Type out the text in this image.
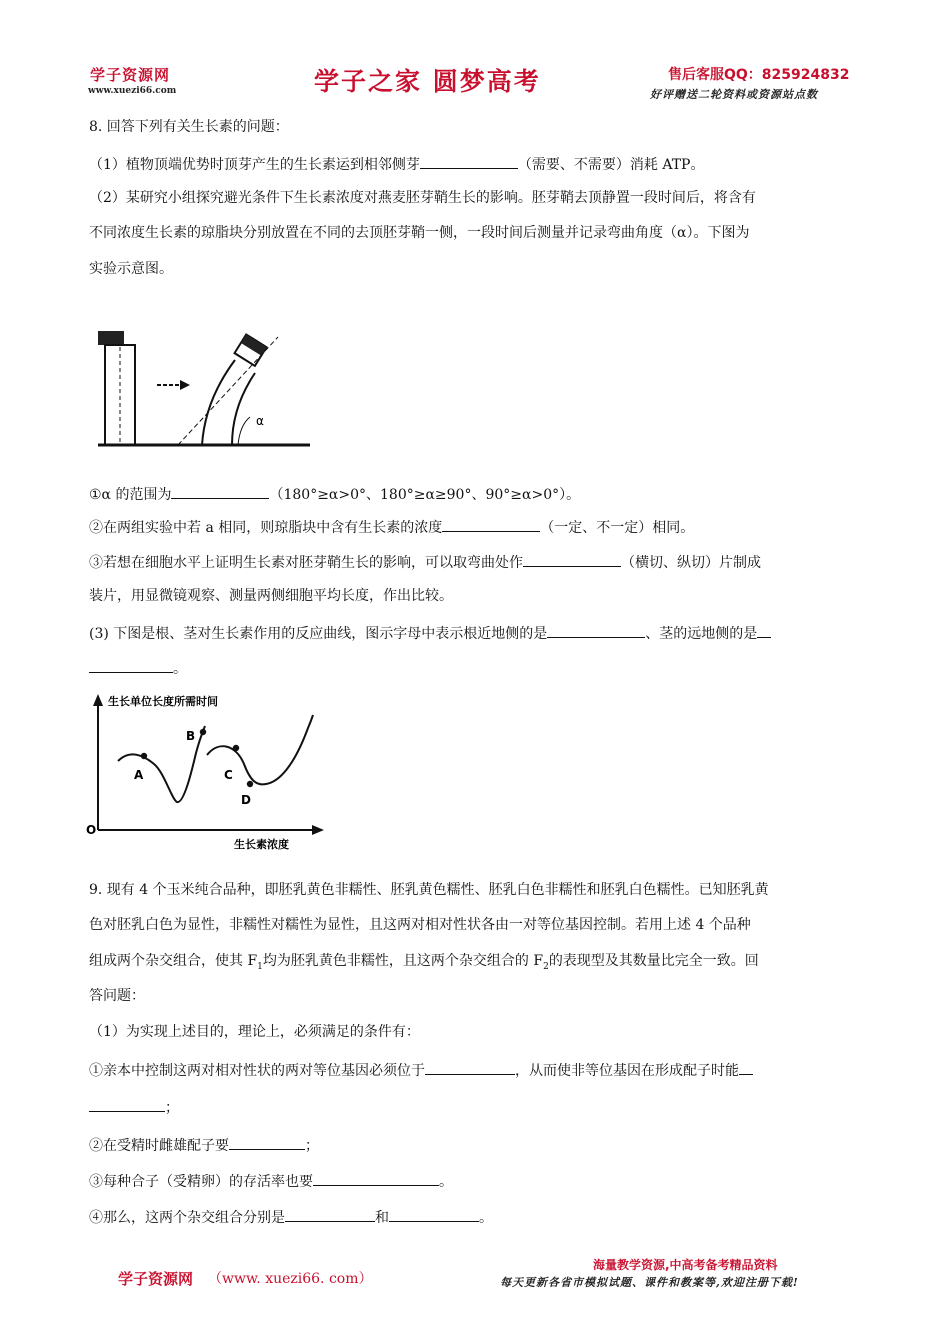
学子资源网
www.xuezi66.com	学子之家 圆梦高考	售后客服QQ：825924832
好评赠送二轮资料或资源站点数
8. 回答下列有关生长素的问题：
（1）植物顶端优势时顶芽产生的生长素运到相邻侧芽	（需要、不需要）消耗 ATP。
（2）某研究小组探究避光条件下生长素浓度对燕麦胚芽鞘生长的影响。胚芽鞘去顶静置一段时间后，将含有
不同浓度生长素的琼脂块分别放置在不同的去顶胚芽鞘一侧，一段时间后测量并记录弯曲角度（α）。下图为
实验示意图。
α
①α 的范围为	（180°≥α>0°、180°≥α≥90°、90°≥α>0°）。
②在两组实验中若 a 相同，则琼脂块中含有生长素的浓度	（一定、不一定）相同。
③若想在细胞水平上证明生长素对胚芽鞘生长的影响，可以取弯曲处作	（横切、纵切）片制成
装片，用显微镜观察、测量两侧细胞平均长度，作出比较。
(3) 下图是根、茎对生长素作用的反应曲线，图示字母中表示根近地侧的是	、茎的远地侧的是
。
生长单位长度所需时间
生长素浓度
O
A
B
C
D
9. 现有 4 个玉米纯合品种，即胚乳黄色非糯性、胚乳黄色糯性、胚乳白色非糯性和胚乳白色糯性。已知胚乳黄
色对胚乳白色为显性，非糯性对糯性为显性，且这两对相对性状各由一对等位基因控制。若用上述 4 个品种
组成两个杂交组合，使其 $F_1$均为胚乳黄色非糯性，且这两个杂交组合的 $F_2$的表现型及其数量比完全一致。回
答问题：
（1）为实现上述目的，理论上，必须满足的条件有：
①亲本中控制这两对相对性状的两对等位基因必须位于	，从而使非等位基因在形成配子时能
；
②在受精时雌雄配子要	；
③每种合子（受精卵）的存活率也要	。
④那么，这两个杂交组合分别是	和	。
学子资源网 （www. xuezi66. com）
海量教学资源,中高考备考精品资料
每天更新各省市模拟试题、课件和教案等,欢迎注册下载!
